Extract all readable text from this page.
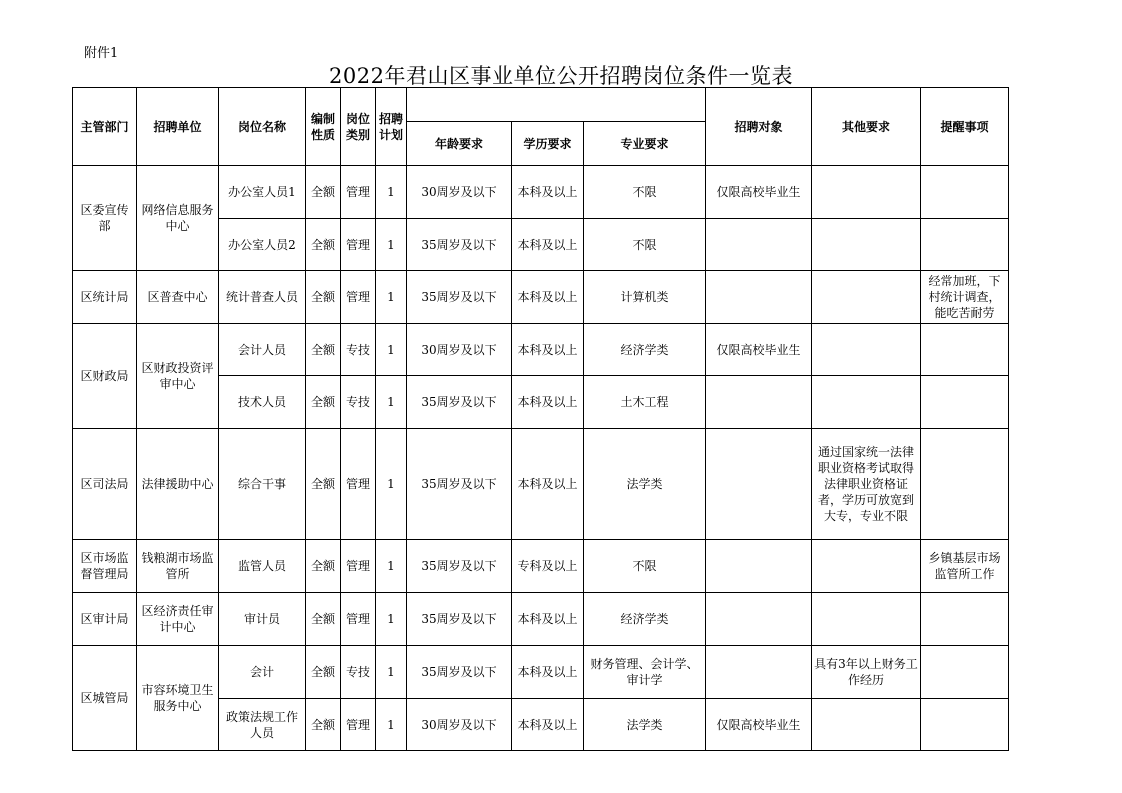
附件1
2022年君山区事业单位公开招聘岗位条件一览表
主管部门	招聘单位	岗位名称	编制性质	岗位类别	招聘计划				招聘对象	其他要求	提醒事项
						年龄要求	学历要求	专业要求			
区委宣传部	网络信息服务中心	办公室人员1	全额	管理	1	30周岁及以下	本科及以上	不限	仅限高校毕业生		
		办公室人员2	全额	管理	1	35周岁及以下	本科及以上	不限			
区统计局	区普查中心	统计普查人员	全额	管理	1	35周岁及以下	本科及以上	计算机类			经常加班，下村统计调查，能吃苦耐劳
区财政局	区财政投资评审中心	会计人员	全额	专技	1	30周岁及以下	本科及以上	经济学类	仅限高校毕业生		
		技术人员	全额	专技	1	35周岁及以下	本科及以上	土木工程			
区司法局	法律援助中心	综合干事	全额	管理	1	35周岁及以下	本科及以上	法学类		通过国家统一法律职业资格考试取得法律职业资格证者，学历可放宽到大专，专业不限	
区市场监督管理局	钱粮湖市场监管所	监管人员	全额	管理	1	35周岁及以下	专科及以上	不限			乡镇基层市场监管所工作
区审计局	区经济责任审计中心	审计员	全额	管理	1	35周岁及以下	本科及以上	经济学类			
区城管局	市容环境卫生服务中心	会计	全额	专技	1	35周岁及以下	本科及以上	财务管理、会计学、审计学		具有3年以上财务工作经历	
		政策法规工作人员	全额	管理	1	30周岁及以下	本科及以上	法学类	仅限高校毕业生		
